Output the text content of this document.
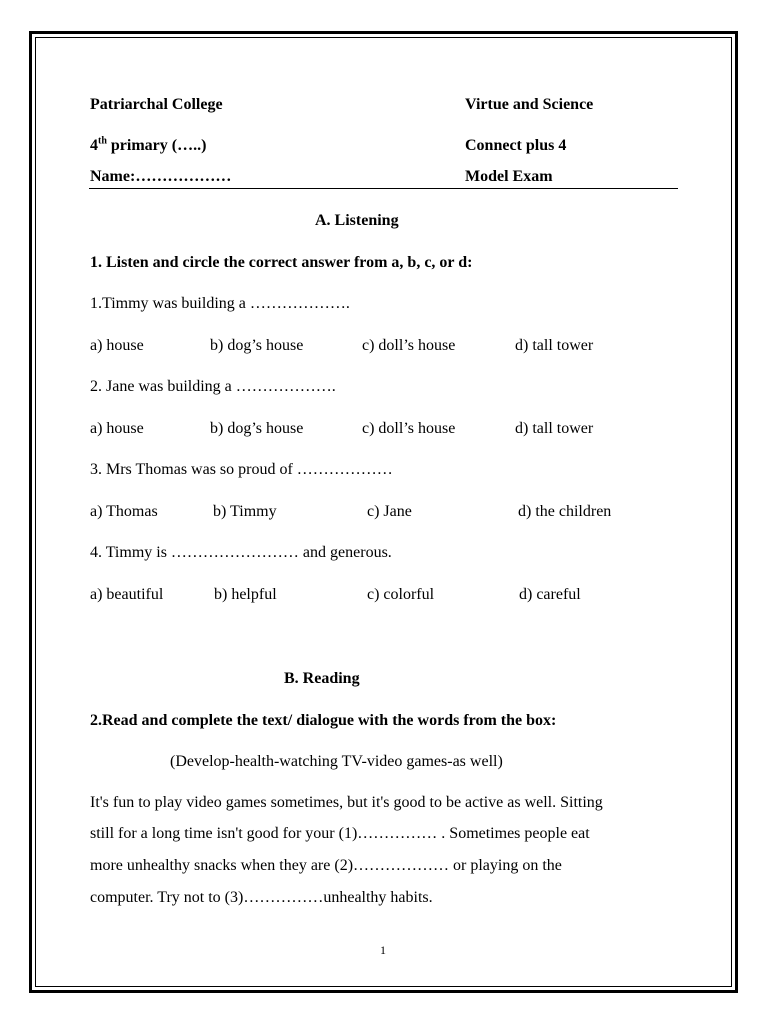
Patriarchal College	Virtue and Science
4th primary (…..)	Connect plus 4
Name:………………	Model Exam
A. Listening
1. Listen and circle the correct answer from a, b, c, or d:
1.Timmy was building a ……………….
a) house	b) dog’s house	c) doll’s house	d) tall tower
2. Jane was building a ……………….
a) house	b) dog’s house	c) doll’s house	d) tall tower
3. Mrs Thomas was so proud of ………………
a) Thomas	b) Timmy	c) Jane	d) the children
4. Timmy is …………………… and generous.
a) beautiful	b) helpful	c) colorful	d) careful
B. Reading
2.Read and complete the text/ dialogue with the words from the box:
(Develop-health-watching TV-video games-as well)
It's fun to play video games sometimes, but it's good to be active as well. Sitting
still for a long time isn't good for your (1)…………… . Sometimes people eat
more unhealthy snacks when they are (2)……………… or playing on the
computer. Try not to (3)……………unhealthy habits.
1
